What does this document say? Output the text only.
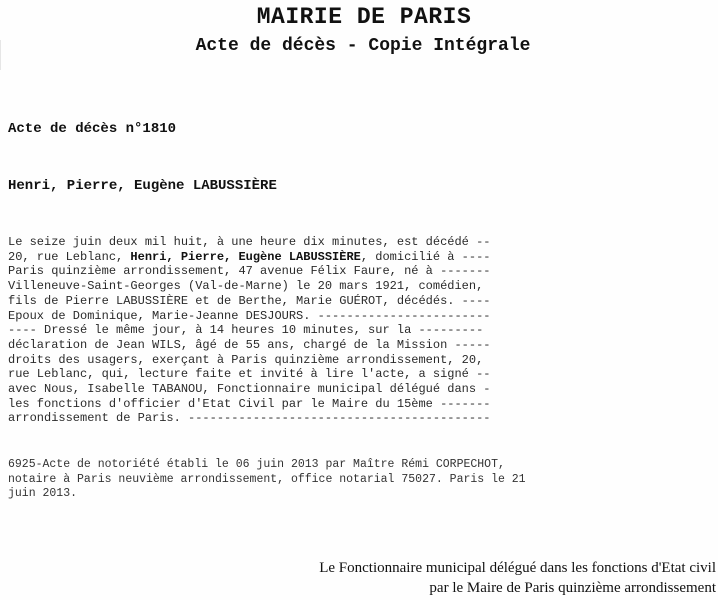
MAIRIE DE PARIS
Acte de décès - Copie Intégrale

Acte de décès n°1810

Henri, Pierre, Eugène LABUSSIÈRE

Le seize juin deux mil huit, à une heure dix minutes, est décédé --
20, rue Leblanc, Henri, Pierre, Eugène LABUSSIÈRE, domicilié à ----
Paris quinzième arrondissement, 47 avenue Félix Faure, né à -------
Villeneuve-Saint-Georges (Val-de-Marne) le 20 mars 1921, comédien,
fils de Pierre LABUSSIÈRE et de Berthe, Marie GUÉROT, décédés. ----
Epoux de Dominique, Marie-Jeanne DESJOURS. ------------------------
---- Dressé le même jour, à 14 heures 10 minutes, sur la ---------
déclaration de Jean WILS, âgé de 55 ans, chargé de la Mission -----
droits des usagers, exerçant à Paris quinzième arrondissement, 20,
rue Leblanc, qui, lecture faite et invité à lire l'acte, a signé --
avec Nous, Isabelle TABANOU, Fonctionnaire municipal délégué dans -
les fonctions d'officier d'Etat Civil par le Maire du 15ème -------
arrondissement de Paris. ------------------------------------------

6925-Acte de notoriété établi le 06 juin 2013 par Maître Rémi CORPECHOT,
notaire à Paris neuvième arrondissement, office notarial 75027. Paris le 21
juin 2013.

Le Fonctionnaire municipal délégué dans les fonctions d'Etat civil
par le Maire de Paris quinzième arrondissement
